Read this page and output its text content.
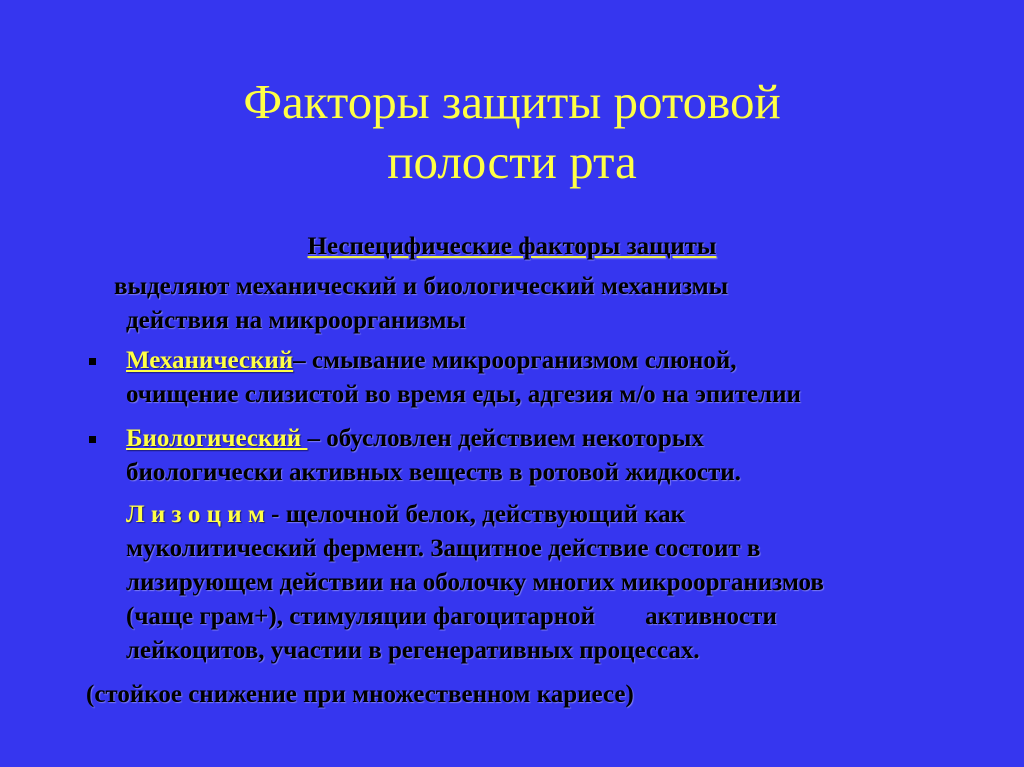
Факторы защиты ротовой
полости рта
Неспецифические факторы защиты
выделяют механический и биологический механизмы
действия на микроорганизмы
Механический– смывание микроорганизмом слюной,
очищение слизистой во время еды, адгезия м/о на эпителии
Биологический – обусловлен действием некоторых
биологически активных веществ в ротовой жидкости.
Л и з о ц и м - щелочной белок, действующий как
муколитический фермент. Защитное действие состоит в
лизирующем действии на оболочку многих микроорганизмов
(чаще грам+), стимуляции фагоцитарной        активности
лейкоцитов, участии в регенеративных процессах.
(стойкое снижение при множественном кариесе)
